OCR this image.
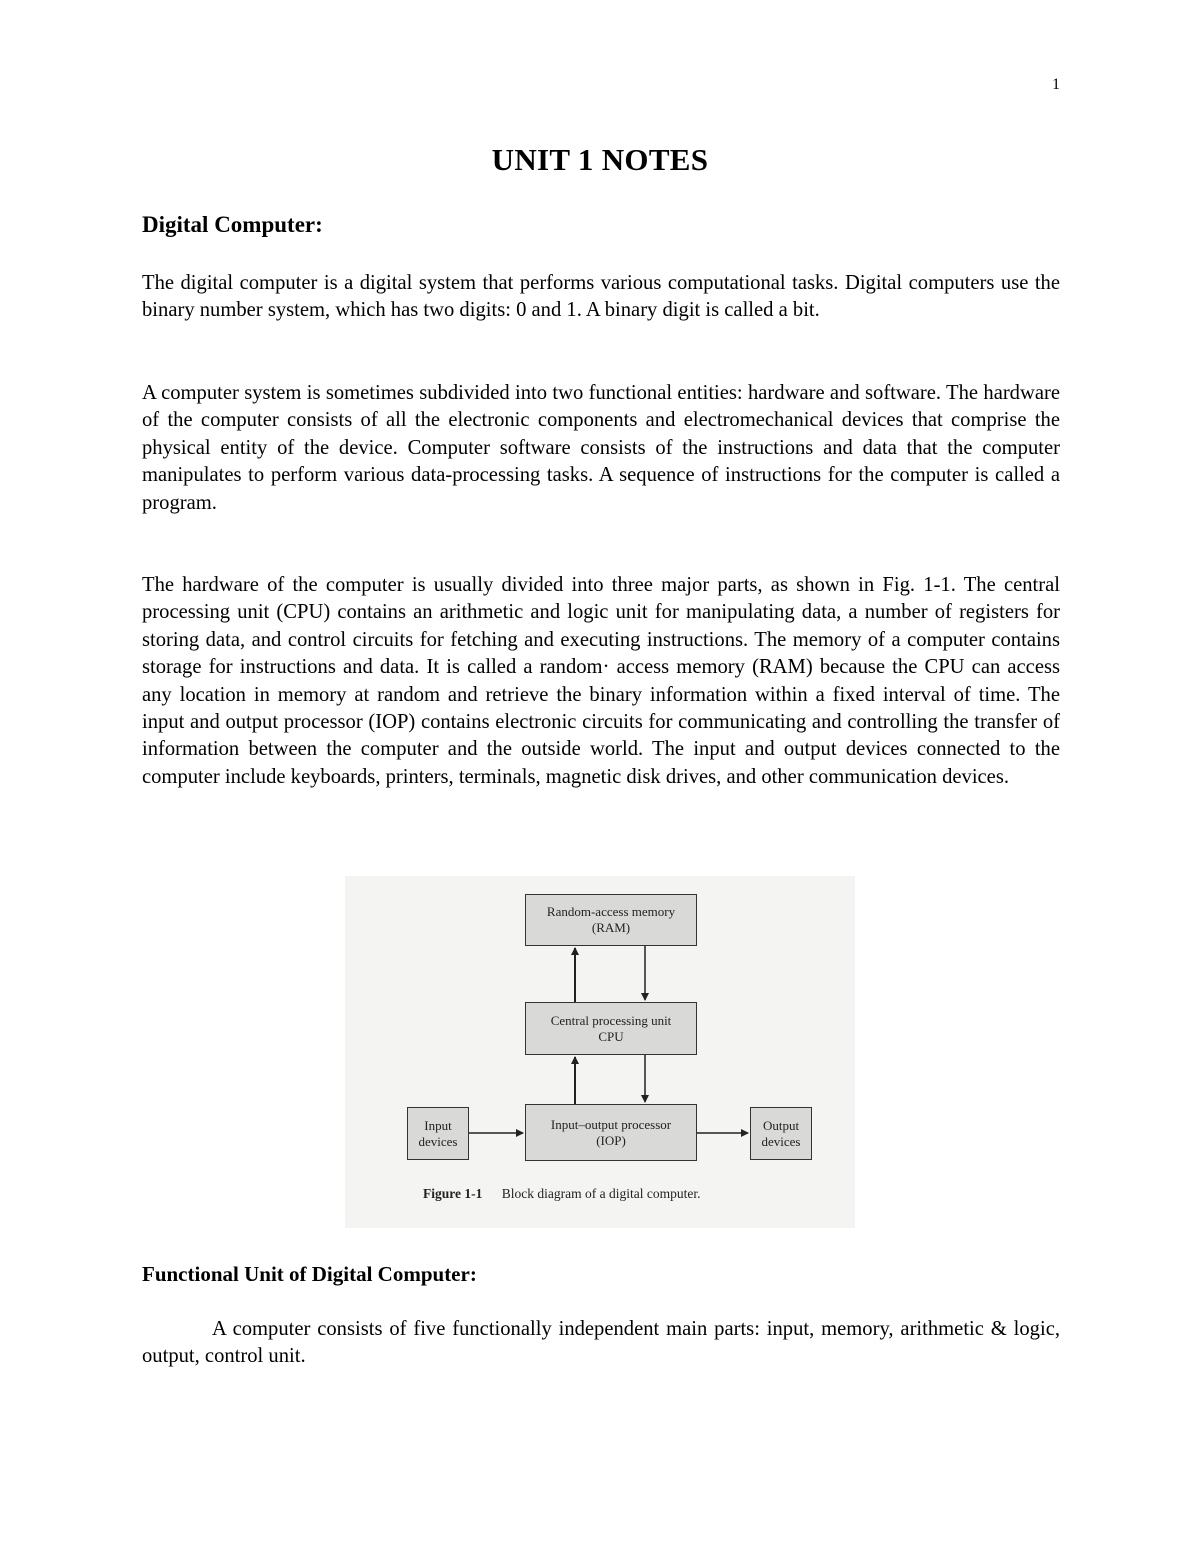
1
UNIT 1 NOTES
Digital Computer:

The digital computer is a digital system that performs various computational tasks. Digital computers use the binary number system, which has two digits: 0 and 1. A binary digit is called a bit.

A computer system is sometimes subdivided into two functional entities: hardware and software. The hardware of the computer consists of all the electronic components and electromechanical devices that comprise the physical entity of the device. Computer software consists of the instructions and data that the computer manipulates to perform various data-processing tasks. A sequence of instructions for the computer is called a program.

The hardware of the computer is usually divided into three major parts, as shown in Fig. 1-1. The central processing unit (CPU) contains an arithmetic and logic unit for manipulating data, a number of registers for storing data, and control circuits for fetching and executing instructions. The memory of a computer contains storage for instructions and data. It is called a random· access memory (RAM) because the CPU can access any location in memory at random and retrieve the binary information within a fixed interval of time. The input and output processor (IOP) contains electronic circuits for communicating and controlling the transfer of information between the computer and the outside world. The input and output devices connected to the computer include keyboards, printers, terminals, magnetic disk drives, and other communication devices.

Random-access memory
(RAM)
Central processing unit
CPU
Input–output processor
(IOP)
Input
devices
Output
devices
Figure 1-1 Block diagram of a digital computer.
Functional Unit of Digital Computer:

A computer consists of five functionally independent main parts: input, memory, arithmetic & logic, output, control unit.
